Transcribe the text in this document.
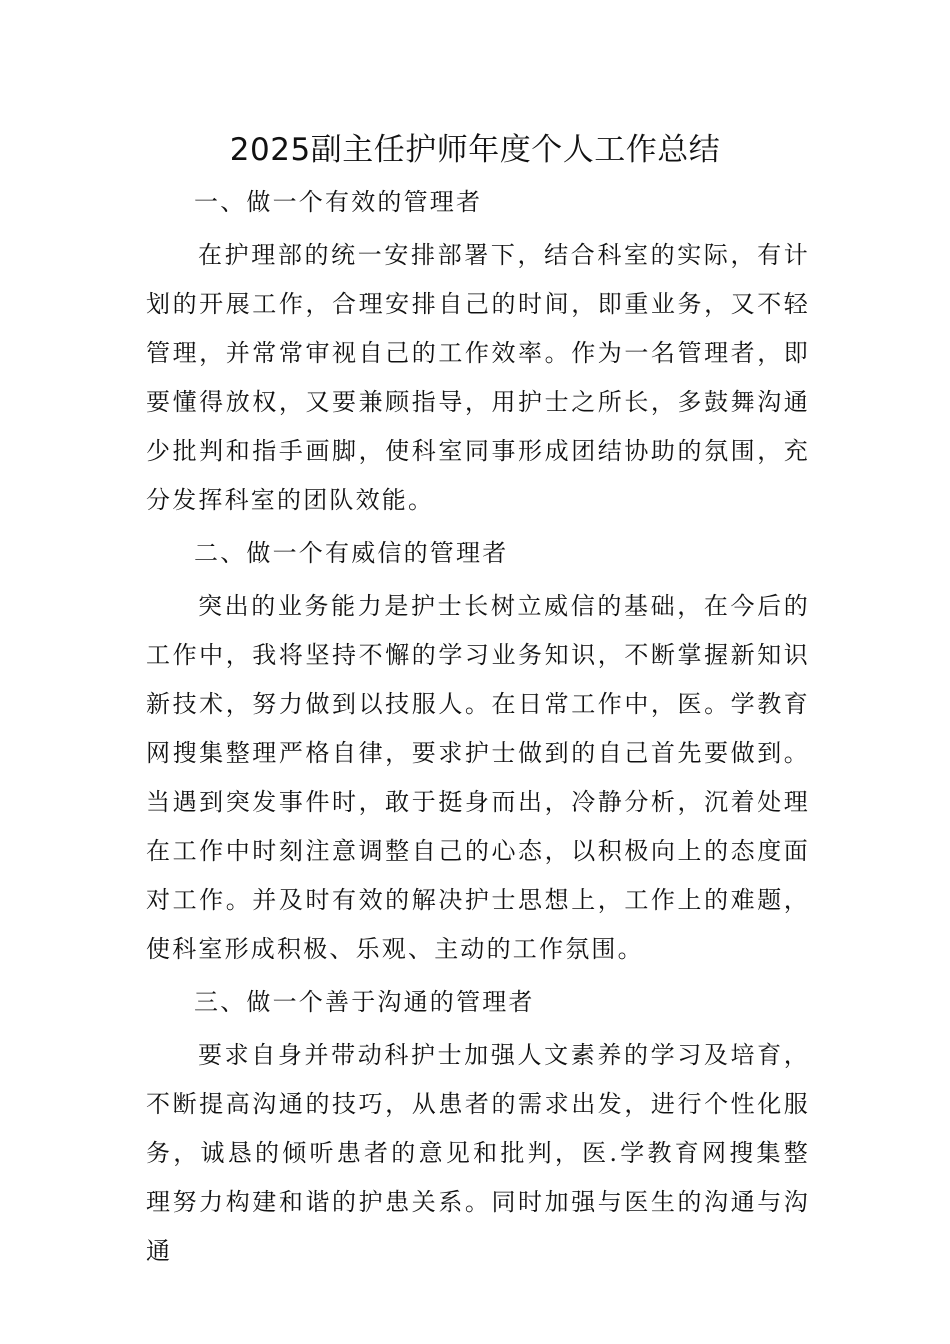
2025副主任护师年度个人工作总结

一、做一个有效的管理者

在护理部的统一安排部署下，结合科室的实际，有计划的开展工作，合理安排自己的时间，即重业务，又不轻管理，并常常审视自己的工作效率。作为一名管理者，即要懂得放权，又要兼顾指导，用护士之所长，多鼓舞沟通少批判和指手画脚，使科室同事形成团结协助的氛围，充分发挥科室的团队效能。

二、做一个有威信的管理者

突出的业务能力是护士长树立威信的基础，在今后的工作中，我将坚持不懈的学习业务知识，不断掌握新知识新技术，努力做到以技服人。在日常工作中，医。学教育网搜集整理严格自律，要求护士做到的自己首先要做到。当遇到突发事件时，敢于挺身而出，冷静分析，沉着处理在工作中时刻注意调整自己的心态，以积极向上的态度面对工作。并及时有效的解决护士思想上，工作上的难题，使科室形成积极、乐观、主动的工作氛围。

三、做一个善于沟通的管理者

要求自身并带动科护士加强人文素养的学习及培育，不断提高沟通的技巧，从患者的需求出发，进行个性化服务，诚恳的倾听患者的意见和批判，医.学教育网搜集整理努力构建和谐的护患关系。同时加强与医生的沟通与沟通
